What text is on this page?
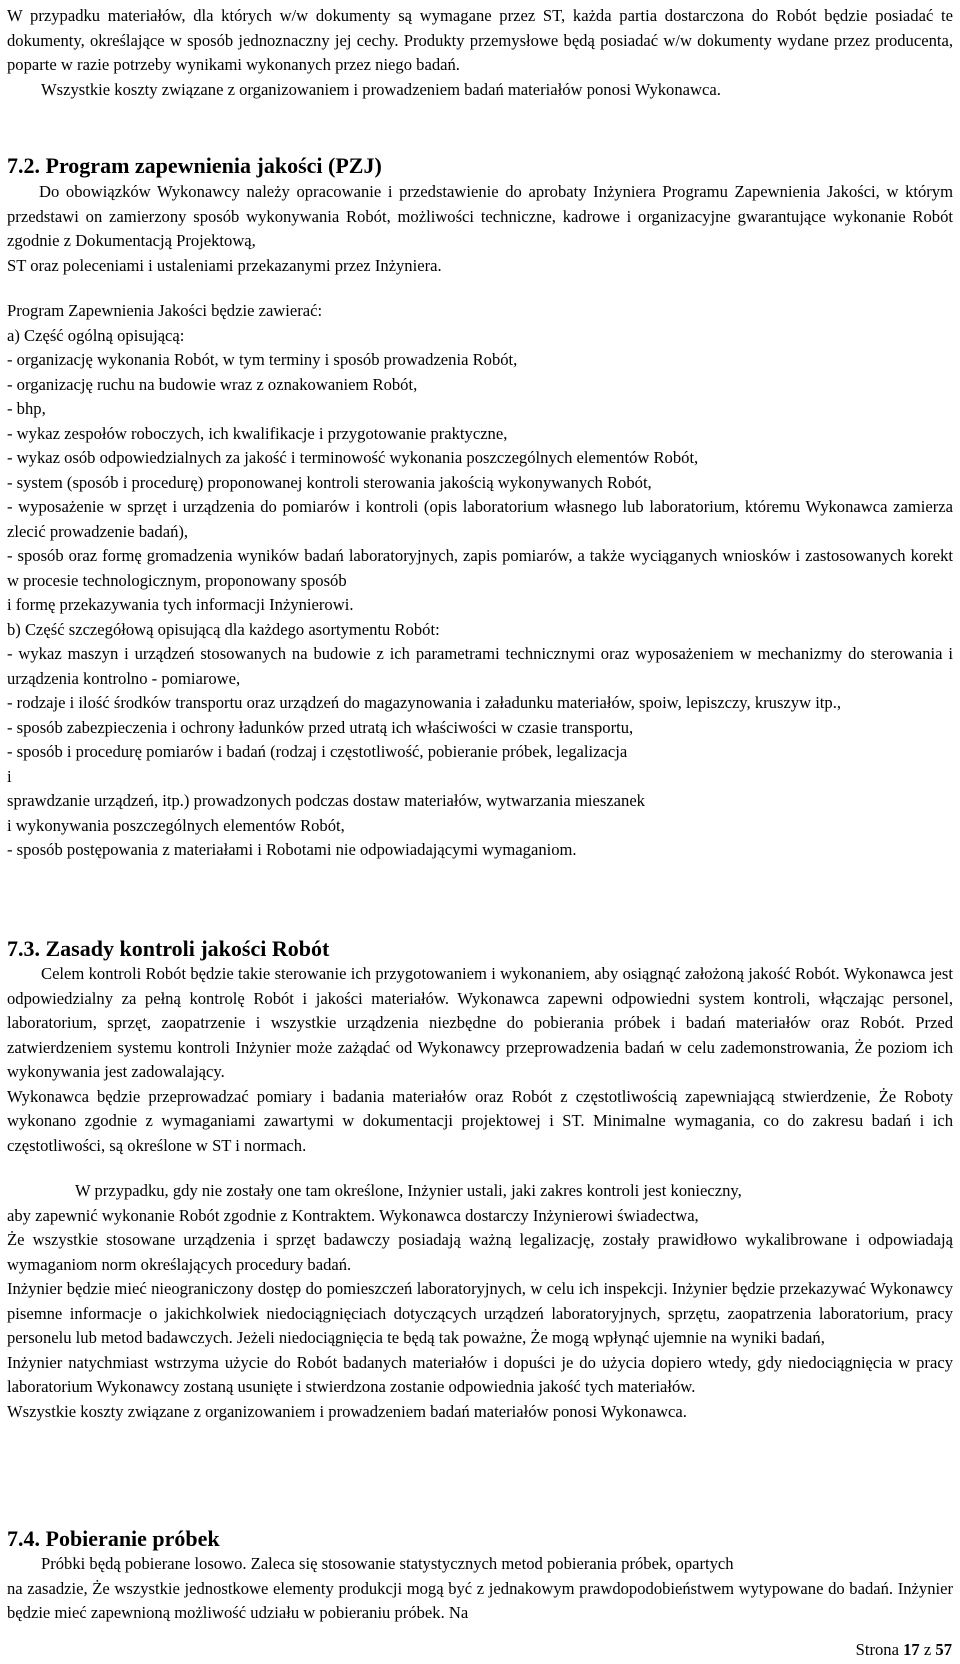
W przypadku materiałów, dla których w/w dokumenty są wymagane przez ST, każda partia dostarczona do Robót będzie posiadać te dokumenty, określające w sposób jednoznaczny jej cechy. Produkty przemysłowe będą posiadać w/w dokumenty wydane przez producenta, poparte w razie potrzeby wynikami wykonanych przez niego badań.

Wszystkie koszty związane z organizowaniem i prowadzeniem badań materiałów ponosi Wykonawca.

7.2. Program zapewnienia jakości (PZJ)

Do obowiązków Wykonawcy należy opracowanie i przedstawienie do aprobaty Inżyniera Programu Zapewnienia Jakości, w którym przedstawi on zamierzony sposób wykonywania Robót, możliwości techniczne, kadrowe i organizacyjne gwarantujące wykonanie Robót zgodnie z Dokumentacją Projektową,

ST oraz poleceniami i ustaleniami przekazanymi przez Inżyniera.

Program Zapewnienia Jakości będzie zawierać:

a) Część ogólną opisującą:

- organizację wykonania Robót, w tym terminy i sposób prowadzenia Robót,

- organizację ruchu na budowie wraz z oznakowaniem Robót,

- bhp,

- wykaz zespołów roboczych, ich kwalifikacje i przygotowanie praktyczne,

- wykaz osób odpowiedzialnych za jakość i terminowość wykonania poszczególnych elementów Robót,

- system (sposób i procedurę) proponowanej kontroli sterowania jakością wykonywanych Robót,

- wyposażenie w sprzęt i urządzenia do pomiarów i kontroli (opis laboratorium własnego lub laboratorium, któremu Wykonawca zamierza zlecić prowadzenie badań),

- sposób oraz formę gromadzenia wyników badań laboratoryjnych, zapis pomiarów, a także wyciąganych wniosków i zastosowanych korekt w procesie technologicznym, proponowany sposób

i formę przekazywania tych informacji Inżynierowi.

b) Część szczegółową opisującą dla każdego asortymentu Robót:

- wykaz maszyn i urządzeń stosowanych na budowie z ich parametrami technicznymi oraz wyposażeniem w mechanizmy do sterowania i urządzenia kontrolno - pomiarowe,

- rodzaje i ilość środków transportu oraz urządzeń do magazynowania i załadunku materiałów, spoiw, lepiszczy, kruszyw itp.,

- sposób zabezpieczenia i ochrony ładunków przed utratą ich właściwości w czasie transportu,

- sposób i procedurę pomiarów i badań (rodzaj i częstotliwość, pobieranie próbek, legalizacja

i

sprawdzanie urządzeń, itp.) prowadzonych podczas dostaw materiałów, wytwarzania mieszanek

i wykonywania poszczególnych elementów Robót,

- sposób postępowania z materiałami i Robotami nie odpowiadającymi wymaganiom.

7.3. Zasady kontroli jakości Robót

Celem kontroli Robót będzie takie sterowanie ich przygotowaniem i wykonaniem, aby osiągnąć założoną jakość Robót. Wykonawca jest odpowiedzialny za pełną kontrolę Robót i jakości materiałów. Wykonawca zapewni odpowiedni system kontroli, włączając personel, laboratorium, sprzęt, zaopatrzenie i wszystkie urządzenia niezbędne do pobierania próbek i badań materiałów oraz Robót. Przed zatwierdzeniem systemu kontroli Inżynier może zażądać od Wykonawcy przeprowadzenia badań w celu zademonstrowania, Że poziom ich wykonywania jest zadowalający.

Wykonawca będzie przeprowadzać pomiary i badania materiałów oraz Robót z częstotliwością zapewniającą stwierdzenie, Że Roboty wykonano zgodnie z wymaganiami zawartymi w dokumentacji projektowej i ST. Minimalne wymagania, co do zakresu badań i ich częstotliwości, są określone w ST i normach.

W przypadku, gdy nie zostały one tam określone, Inżynier ustali, jaki zakres kontroli jest konieczny,

aby zapewnić wykonanie Robót zgodnie z Kontraktem. Wykonawca dostarczy Inżynierowi świadectwa,

Że wszystkie stosowane urządzenia i sprzęt badawczy posiadają ważną legalizację, zostały prawidłowo wykalibrowane i odpowiadają wymaganiom norm określających procedury badań.

Inżynier będzie mieć nieograniczony dostęp do pomieszczeń laboratoryjnych, w celu ich inspekcji. Inżynier będzie przekazywać Wykonawcy pisemne informacje o jakichkolwiek niedociągnięciach dotyczących urządzeń laboratoryjnych, sprzętu, zaopatrzenia laboratorium, pracy personelu lub metod badawczych. Jeżeli niedociągnięcia te będą tak poważne, Że mogą wpłynąć ujemnie na wyniki badań,

Inżynier natychmiast wstrzyma użycie do Robót badanych materiałów i dopuści je do użycia dopiero wtedy, gdy niedociągnięcia w pracy laboratorium Wykonawcy zostaną usunięte i stwierdzona zostanie odpowiednia jakość tych materiałów.

Wszystkie koszty związane z organizowaniem i prowadzeniem badań materiałów ponosi Wykonawca.

7.4. Pobieranie próbek

Próbki będą pobierane losowo. Zaleca się stosowanie statystycznych metod pobierania próbek, opartych

na zasadzie, Że wszystkie jednostkowe elementy produkcji mogą być z jednakowym prawdopodobieństwem wytypowane do badań. Inżynier będzie mieć zapewnioną możliwość udziału w pobieraniu próbek. Na

Strona 17 z 57
